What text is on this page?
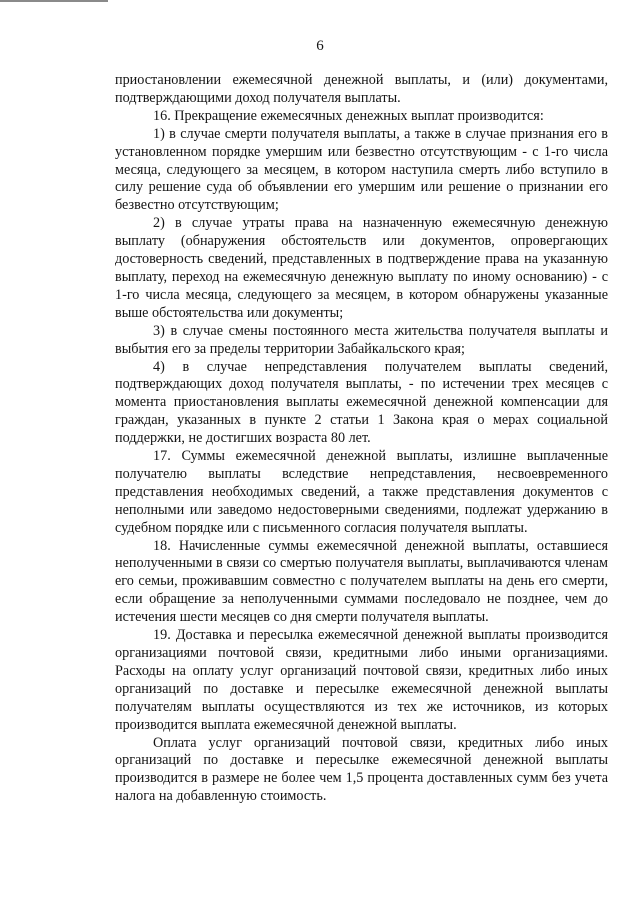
6

приостановлении ежемесячной денежной выплаты, и (или) документами, подтверждающими доход получателя выплаты.

16. Прекращение ежемесячных денежных выплат производится:

1) в случае смерти получателя выплаты, а также в случае признания его в установленном порядке умершим или безвестно отсутствующим - с 1-го числа месяца, следующего за месяцем, в котором наступила смерть либо вступило в силу решение суда об объявлении его умершим или решение о признании его безвестно отсутствующим;

2) в случае утраты права на назначенную ежемесячную денежную выплату (обнаружения обстоятельств или документов, опровергающих достоверность сведений, представленных в подтверждение права на указанную выплату, переход на ежемесячную денежную выплату по иному основанию) - с 1-го числа месяца, следующего за месяцем, в котором обнаружены указанные выше обстоятельства или документы;

3) в случае смены постоянного места жительства получателя выплаты и выбытия его за пределы территории Забайкальского края;

4) в случае непредставления получателем выплаты сведений, подтверждающих доход получателя выплаты, - по истечении трех месяцев с момента приостановления выплаты ежемесячной денежной компенсации для граждан, указанных в пункте 2 статьи 1 Закона края о мерах социальной поддержки, не достигших возраста 80 лет.

17. Суммы ежемесячной денежной выплаты, излишне выплаченные получателю выплаты вследствие непредставления, несвоевременного представления необходимых сведений, а также представления документов с неполными или заведомо недостоверными сведениями, подлежат удержанию в судебном порядке или с письменного согласия получателя выплаты.

18. Начисленные суммы ежемесячной денежной выплаты, оставшиеся неполученными в связи со смертью получателя выплаты, выплачиваются членам его семьи, проживавшим совместно с получателем выплаты на день его смерти, если обращение за неполученными суммами последовало не позднее, чем до истечения шести месяцев со дня смерти получателя выплаты.

19. Доставка и пересылка ежемесячной денежной выплаты производится организациями почтовой связи, кредитными либо иными организациями. Расходы на оплату услуг организаций почтовой связи, кредитных либо иных организаций по доставке и пересылке ежемесячной денежной выплаты получателям выплаты осуществляются из тех же источников, из которых производится выплата ежемесячной денежной выплаты.

Оплата услуг организаций почтовой связи, кредитных либо иных организаций по доставке и пересылке ежемесячной денежной выплаты производится в размере не более чем 1,5 процента доставленных сумм без учета налога на добавленную стоимость.
